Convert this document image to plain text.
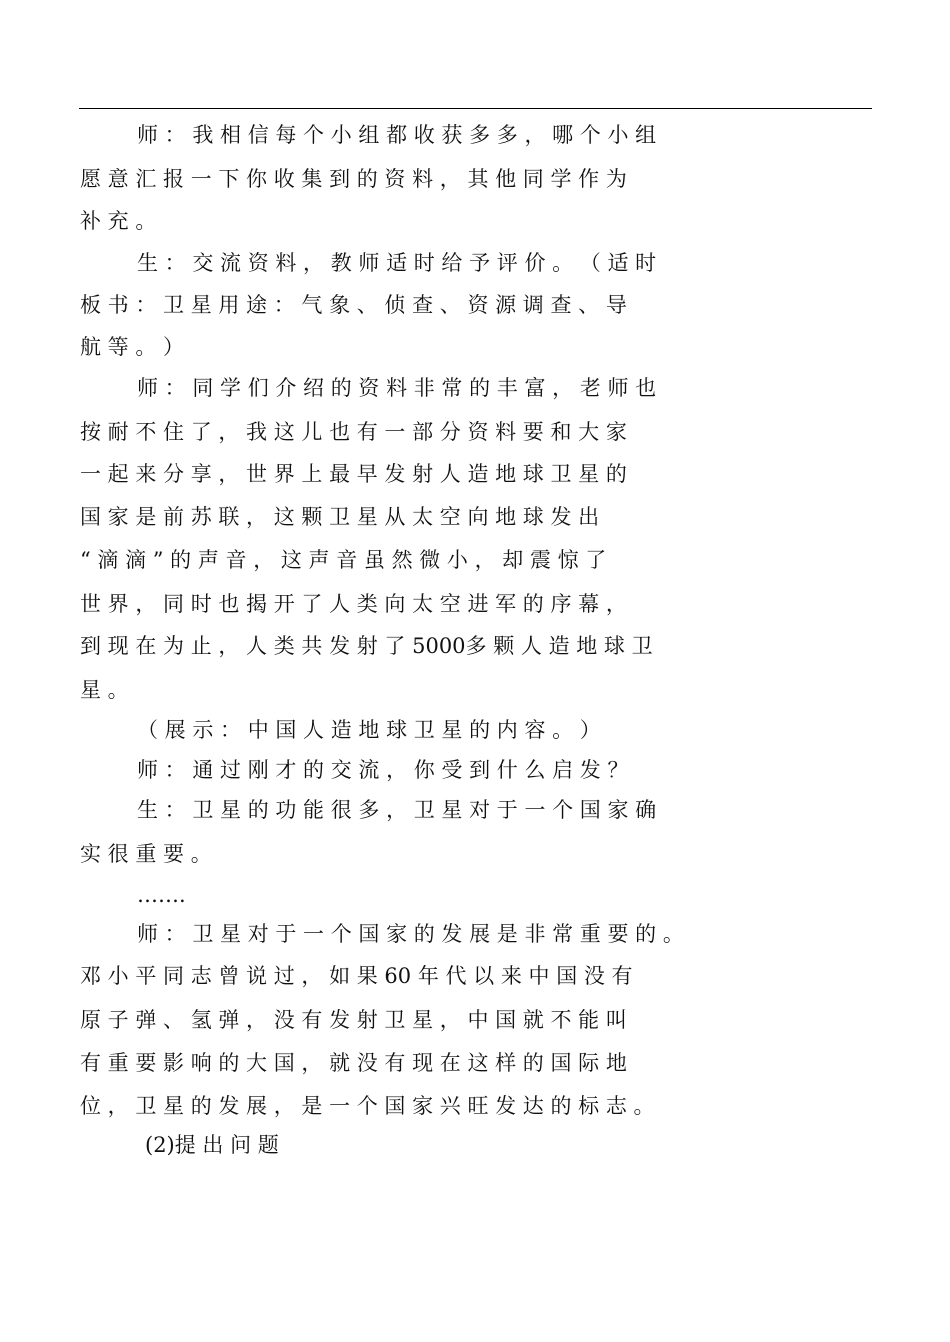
师 ： 我 相 信 每 个 小 组 都 收 获 多 多 ， 哪 个 小 组
愿 意 汇 报 一 下 你 收 集 到 的 资 料 ， 其 他 同 学 作 为
补 充 。
生 ： 交 流 资 料 ， 教 师 适 时 给 予 评 价 。 （ 适 时
板 书 ： 卫 星 用 途 ： 气 象 、 侦 查 、 资 源 调 查 、 导
航 等 。 ）
师 ： 同 学 们 介 绍 的 资 料 非 常 的 丰 富 ， 老 师 也
按 耐 不 住 了 ， 我 这 儿 也 有 一 部 分 资 料 要 和 大 家
一 起 来 分 享 ， 世 界 上 最 早 发 射 人 造 地 球 卫 星 的
国 家 是 前 苏 联 ， 这 颗 卫 星 从 太 空 向 地 球 发 出
“ 滴 滴 ” 的 声 音 ， 这 声 音 虽 然 微 小 ， 却 震 惊 了
世 界 ， 同 时 也 揭 开 了 人 类 向 太 空 进 军 的 序 幕 ，
到 现 在 为 止 ， 人 类 共 发 射 了 5000多 颗 人 造 地 球 卫
星 。
（ 展 示 ： 中 国 人 造 地 球 卫 星 的 内 容 。 ）
师 ： 通 过 刚 才 的 交 流 ， 你 受 到 什 么 启 发 ？
生 ： 卫 星 的 功 能 很 多 ， 卫 星 对 于 一 个 国 家 确
实 很 重 要 。
…….
师 ： 卫 星 对 于 一 个 国 家 的 发 展 是 非 常 重 要 的 。
邓 小 平 同 志 曾 说 过 ， 如 果 60 年 代 以 来 中 国 没 有
原 子 弹 、 氢 弹 ， 没 有 发 射 卫 星 ， 中 国 就 不 能 叫
有 重 要 影 响 的 大 国 ， 就 没 有 现 在 这 样 的 国 际 地
位 ， 卫 星 的 发 展 ， 是 一 个 国 家 兴 旺 发 达 的 标 志 。
(2)提 出 问 题
